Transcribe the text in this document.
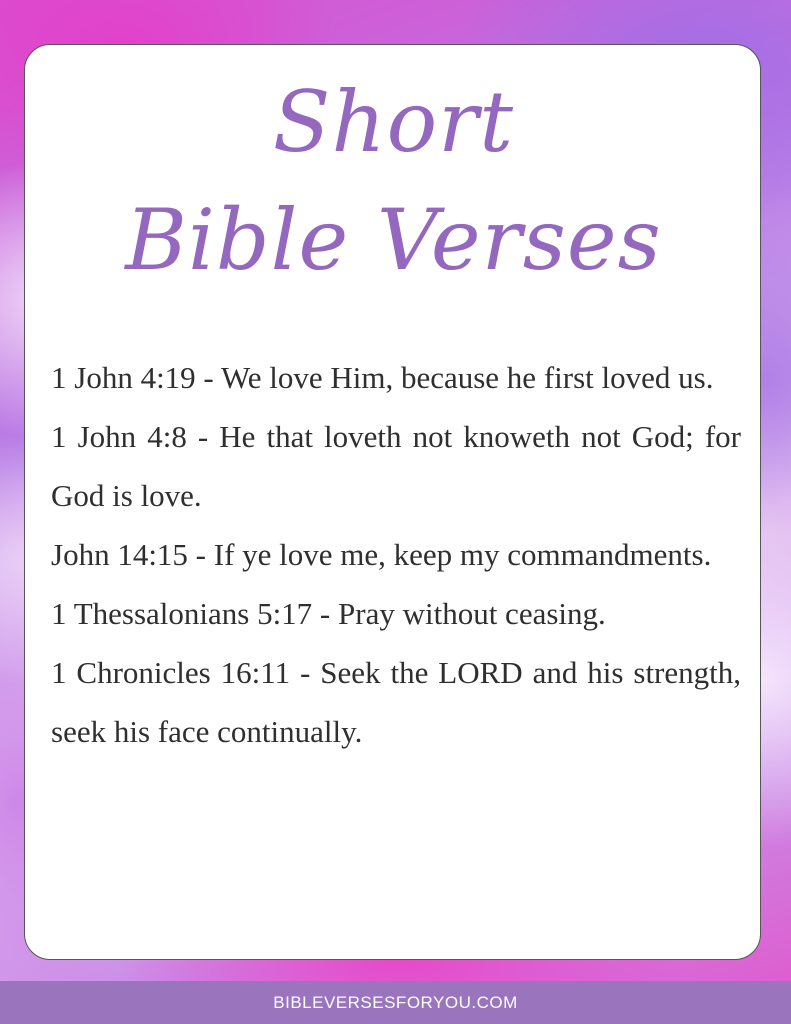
Short
Bible Verses
1 John 4:19 - We love Him, because he first loved us.
1 John 4:8 - He that loveth not knoweth not God; for God is love.
John 14:15 - If ye love me, keep my commandments.
1 Thessalonians 5:17 - Pray without ceasing.
1 Chronicles 16:11 - Seek the LORD and his strength, seek his face continually.
BIBLEVERSESFORYOU.COM
